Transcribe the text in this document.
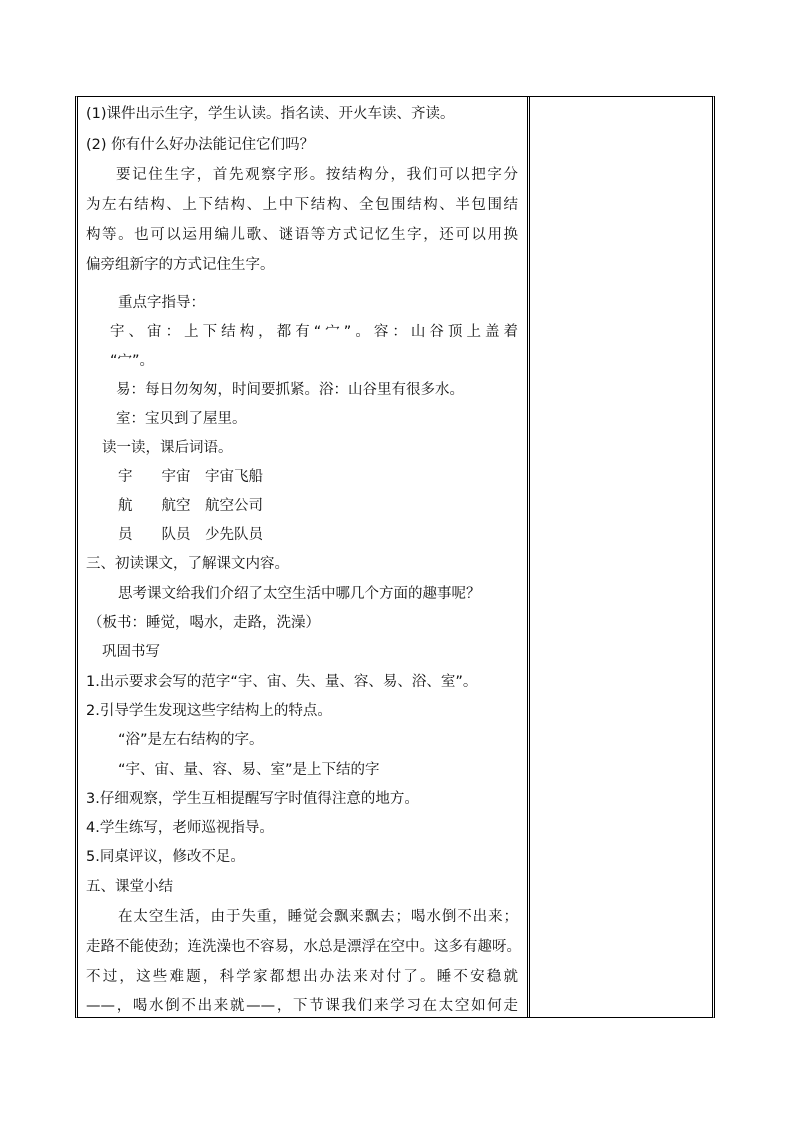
(1)课件出示生字，学生认读。指名读、开火车读、齐读。
(2) 你有什么好办法能记住它们吗？
要记住生字，首先观察字形。按结构分，我们可以把字分
为左右结构、上下结构、上中下结构、全包围结构、半包围结
构等。也可以运用编儿歌、谜语等方式记忆生字，还可以用换
偏旁组新字的方式记住生字。
重点字指导：
宇、宙：上下结构，都有“宀”。容：山谷顶上盖着
“宀”。
易：每日勿匆匆，时间要抓紧。浴：山谷里有很多水。
室：宝贝到了屋里。
读一读，课后词语。
宇　　宇宙　宇宙飞船
航　　航空　航空公司
员　　队员　少先队员
三、初读课文，了解课文内容。
思考课文给我们介绍了太空生活中哪几个方面的趣事呢？
（板书：睡觉，喝水，走路，洗澡）
巩固书写
1.出示要求会写的范字“宇、宙、失、量、容、易、浴、室”。
2.引导学生发现这些字结构上的特点。
“浴”是左右结构的字。
“宇、宙、量、容、易、室”是上下结的字
3.仔细观察，学生互相提醒写字时值得注意的地方。
4.学生练写，老师巡视指导。
5.同桌评议，修改不足。
五、课堂小结
在太空生活，由于失重，睡觉会飘来飘去；喝水倒不出来；
走路不能使劲；连洗澡也不容易，水总是漂浮在空中。这多有趣呀。
不过，这些难题，科学家都想出办法来对付了。睡不安稳就
——，喝水倒不出来就——，下节课我们来学习在太空如何走
